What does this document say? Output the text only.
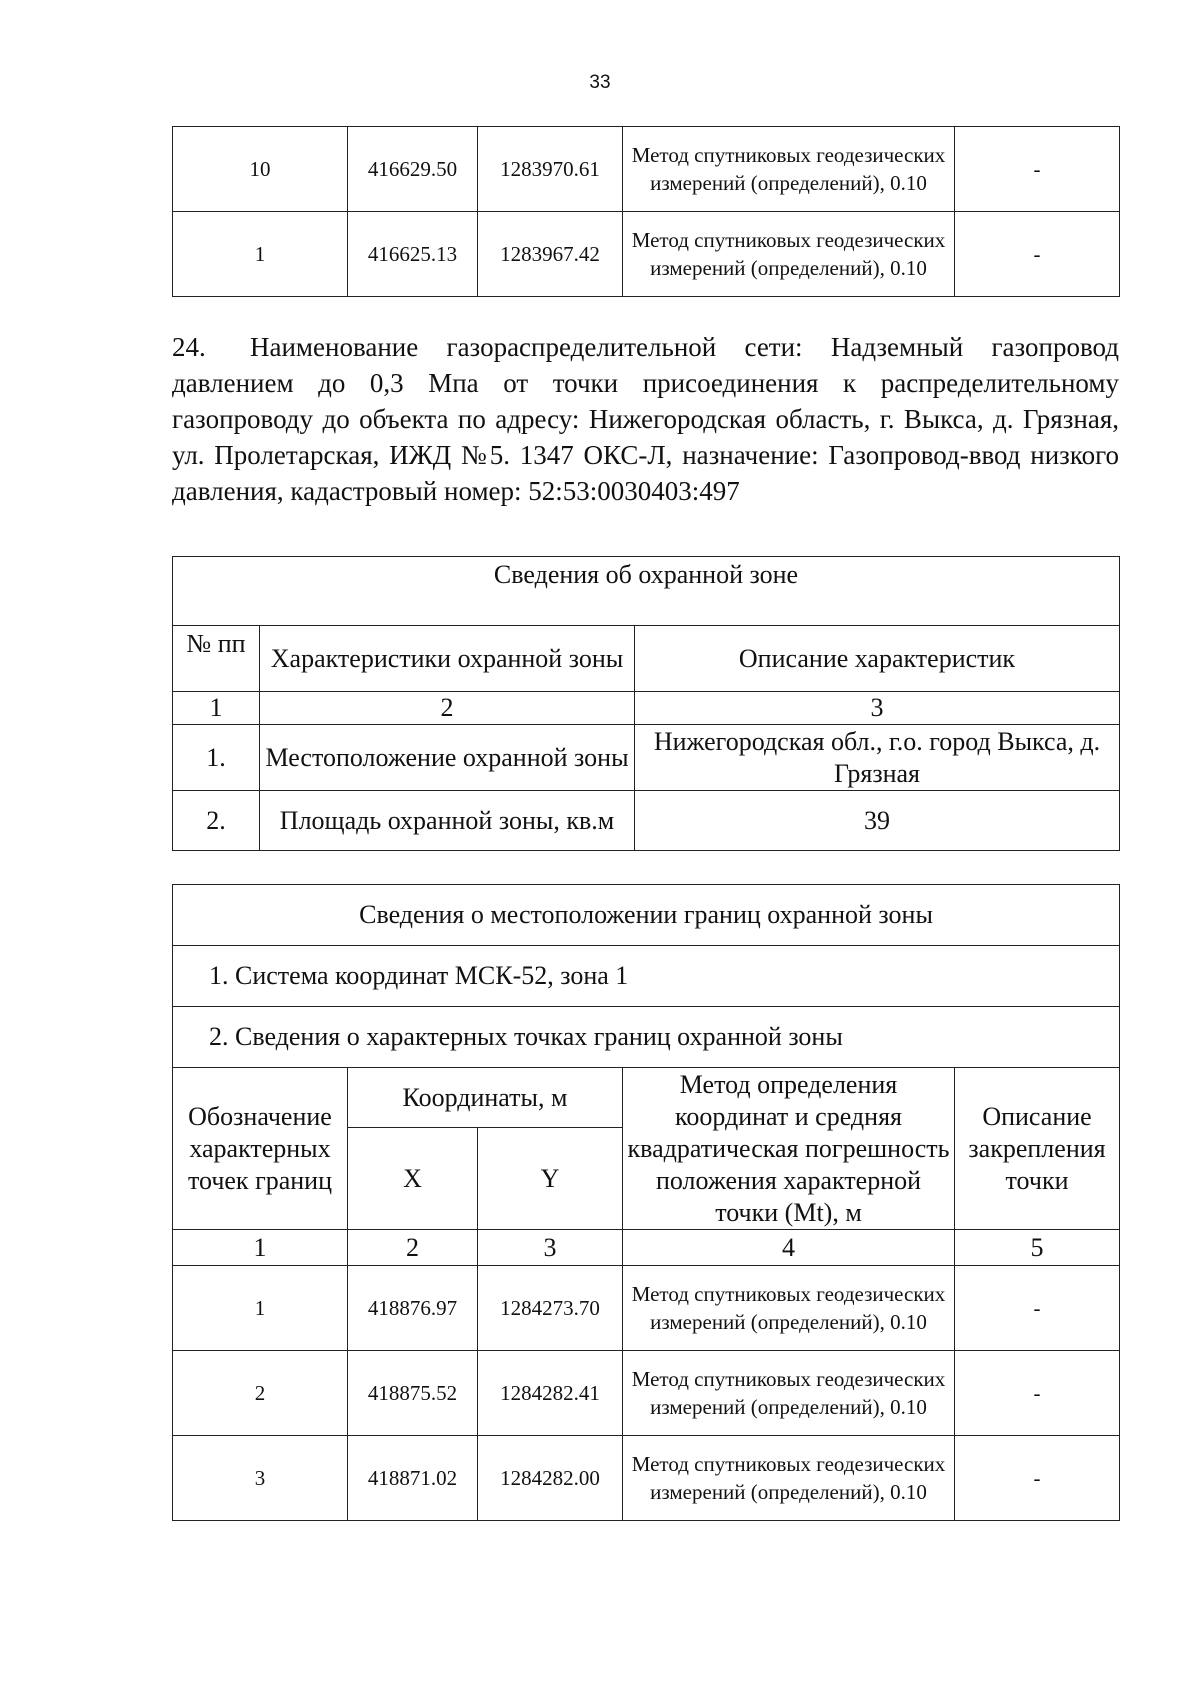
33
10	416629.50	1283970.61	Метод спутниковых геодезических измерений (определений), 0.10	-
1	416625.13	1283967.42	Метод спутниковых геодезических измерений (определений), 0.10	-
24. Наименование газораспределительной сети: Надземный газопровод давлением до 0,3 Мпа от точки присоединения к распределительному газопроводу до объекта по адресу: Нижегородская область, г. Выкса, д. Грязная, ул. Пролетарская, ИЖД №5. 1347 ОКС-Л, назначение: Газопровод-ввод низкого давления, кадастровый номер: 52:53:0030403:497
Сведения об охранной зоне		
№ пп	Характеристики охранной зоны	Описание характеристик
1	2	3
1.	Местоположение охранной зоны	Нижегородская обл., г.о. город Выкса, д. Грязная
2.	Площадь охранной зоны, кв.м	39
Сведения о местоположении границ охранной зоны				
1. Система координат МСК-52, зона 1				
2. Сведения о характерных точках границ охранной зоны				
Обозначение характерных точек границ	Координаты, м		Метод определения координат и средняя квадратическая погрешность положения характерной точки (Mt), м	Описание закрепления точки
	X	Y		
1	2	3	4	5
1	418876.97	1284273.70	Метод спутниковых геодезических измерений (определений), 0.10	-
2	418875.52	1284282.41	Метод спутниковых геодезических измерений (определений), 0.10	-
3	418871.02	1284282.00	Метод спутниковых геодезических измерений (определений), 0.10	-
